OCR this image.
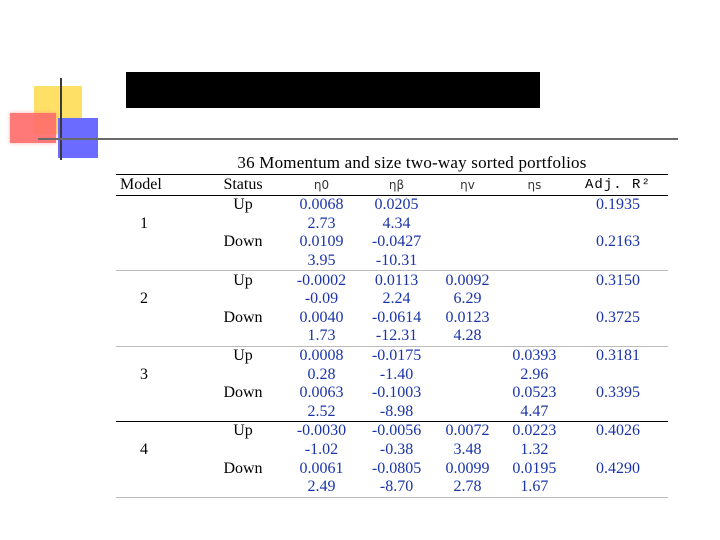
36 Momentum and size two-way sorted portfolios
Model	Status	η0	ηβ	ηv	ηs	Adj. R²
	Up	0.0068	0.0205			0.1935
1		2.73	4.34			
	Down	0.0109	-0.0427			0.2163
		3.95	-10.31			
	Up	-0.0002	0.0113	0.0092		0.3150
2		-0.09	2.24	6.29		
	Down	0.0040	-0.0614	0.0123		0.3725
		1.73	-12.31	4.28		
	Up	0.0008	-0.0175		0.0393	0.3181
3		0.28	-1.40		2.96	
	Down	0.0063	-0.1003		0.0523	0.3395
		2.52	-8.98		4.47	
	Up	-0.0030	-0.0056	0.0072	0.0223	0.4026
4		-1.02	-0.38	3.48	1.32	
	Down	0.0061	-0.0805	0.0099	0.0195	0.4290
		2.49	-8.70	2.78	1.67	
